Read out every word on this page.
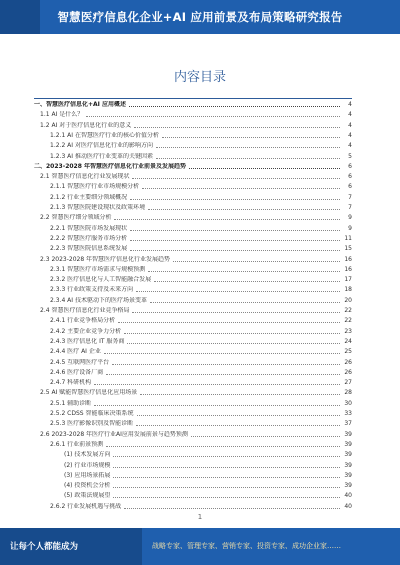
智慧医疗信息化企业+AI 应用前景及布局策略研究报告
内容目录
一、智慧医疗信息化+AI 应用概述	4
1.1 AI 是什么？	4
1.2 AI 对于医疗信息化行业的意义	4
1.2.1 AI 在智慧医疗行业的核心价值分析	4
1.2.2 AI 对医疗信息化行业的影响方向	4
1.2.3 AI 推动医疗行业变革的关键因素	5
二、2023-2028 年智慧医疗信息化行业前景及发展趋势	6
2.1 智慧医疗信息化行业发展现状	6
2.1.1 智慧医疗行业市场规模分析	6
2.1.2 行业主要细分领域概况	7
2.1.3 智慧医院建设现状及政策环境	7
2.2 智慧医疗细分领域分析	9
2.2.1 智慧医院市场发展现状	9
2.2.2 智慧医疗服务市场分析	11
2.2.3 智慧医院信息系统发展	15
2.3 2023-2028 年智慧医疗信息化行业发展趋势	16
2.3.1 智慧医疗市场需求与规模预测	16
2.3.2 医疗信息化与人工智能融合发展	17
2.3.3 行业政策支持及未来方向	18
2.3.4 AI 技术驱动下的医疗场景变革	20
2.4 智慧医疗信息化行业竞争格局	22
2.4.1 行业竞争格局分析	22
2.4.2 主要企业竞争力分析	23
2.4.3 医疗信息化 IT 服务商	24
2.4.4 医疗 AI 企业	25
2.4.5 互联网医疗平台	26
2.4.6 医疗设备厂商	26
2.4.7 科研机构	27
2.5 AI 赋能智慧医疗信息化应用场景	28
2.5.1 辅助诊断	30
2.5.2 CDSS 智能临床决策系统	33
2.5.3 医疗影像识别及智能诊断	37
2.6 2023-2028 年医疗行业AI应用发展前景与趋势预测	39
2.6.1 行业前景预测	39
(1) 技术发展方向	39
(2) 行业市场规模	39
(3) 应用场景拓展	39
(4) 投资机会分析	39
(5) 政策法规展望	40
2.6.2 行业发展机遇与挑战	40
1
让每个人都能成为	战略专家、管理专家、营销专家、投资专家、成功企业家……
